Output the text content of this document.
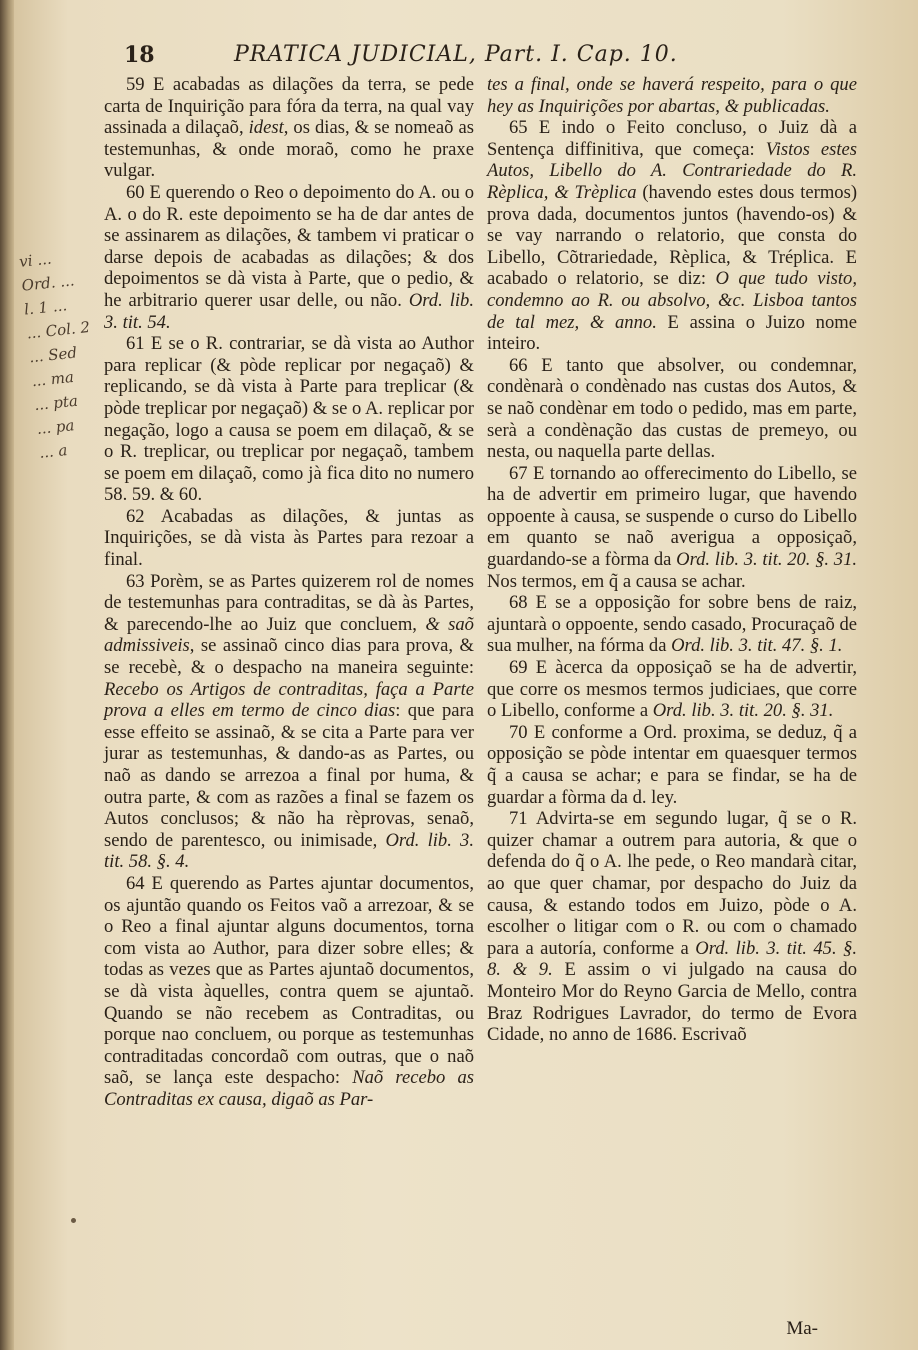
18	PRATICA JUDICIAL, Part. I. Cap. 10.
vi ...
Ord. ...
l. 1 ...
... Col. 2
... Sed
... ma
... pta
... pa
... a

59 E acabadas as dilações da terra, se pede carta de Inquirição para fóra da terra, na qual vay assinada a dilaçaõ, idest, os dias, & se nomeaõ as testemunhas, & onde moraõ, como he praxe vulgar.

60 E querendo o Reo o depoimento do A. ou o A. o do R. este depoimento se ha de dar antes de se assinarem as dilações, & tambem vi praticar o darse depois de acabadas as dilações; & dos depoimentos se dà vista à Parte, que o pedio, & he arbitrario querer usar delle, ou não. Ord. lib. 3. tit. 54.

61 E se o R. contrariar, se dà vista ao Author para replicar (& pòde replicar por negaçaõ) & replicando, se dà vista à Parte para treplicar (& pòde treplicar por negaçaõ) & se o A. replicar por negação, logo a causa se poem em dilaçaõ, & se o R. treplicar, ou treplicar por negaçaõ, tambem se poem em dilaçaõ, como jà fica dito no numero 58. 59. & 60.

62 Acabadas as dilações, & juntas as Inquirições, se dà vista às Partes para rezoar a final.

63 Porèm, se as Partes quizerem rol de nomes de testemunhas para contraditas, se dà às Partes, & parecendo-lhe ao Juiz que concluem, & saõ admissiveis, se assinaõ cinco dias para prova, & se recebè, & o despacho na maneira seguinte: Recebo os Artigos de contraditas, faça a Parte prova a elles em termo de cinco dias: que para esse effeito se assinaõ, & se cita a Parte para ver jurar as testemunhas, & dando-as as Partes, ou naõ as dando se arrezoa a final por huma, & outra parte, & com as razões a final se fazem os Autos conclusos; & não ha rèprovas, senaõ, sendo de parentesco, ou inimisade, Ord. lib. 3. tit. 58. §. 4.

64 E querendo as Partes ajuntar documentos, os ajuntão quando os Feitos vaõ a arrezoar, & se o Reo a final ajuntar alguns documentos, torna com vista ao Author, para dizer sobre elles; & todas as vezes que as Partes ajuntaõ documentos, se dà vista àquelles, contra quem se ajuntaõ. Quando se não recebem as Contraditas, ou porque nao concluem, ou porque as testemunhas contraditadas concordaõ com outras, que o naõ saõ, se lança este despacho: Naõ recebo as Contraditas ex causa, digaõ as Par-

tes a final, onde se haverá respeito, para o que hey as Inquirições por abartas, & publicadas.

65 E indo o Feito concluso, o Juiz dà a Sentença diffinitiva, que começa: Vistos estes Autos, Libello do A. Contrariedade do R. Rèplica, & Trèplica (havendo estes dous termos) prova dada, documentos juntos (havendo-os) & se vay narrando o relatorio, que consta do Libello, Cõtrariedade, Rèplica, & Tréplica. E acabado o relatorio, se diz: O que tudo visto, condemno ao R. ou absolvo, &c. Lisboa tantos de tal mez, & anno. E assina o Juizo nome inteiro.

66 E tanto que absolver, ou condemnar, condènarà o condènado nas custas dos Autos, & se naõ condènar em todo o pedido, mas em parte, serà a condènação das custas de premeyo, ou nesta, ou naquella parte dellas.

67 E tornando ao offerecimento do Libello, se ha de advertir em primeiro lugar, que havendo oppoente à causa, se suspende o curso do Libello em quanto se naõ averigua a opposiçaõ, guardando-se a fòrma da Ord. lib. 3. tit. 20. §. 31. Nos termos, em q̃ a causa se achar.

68 E se a opposição for sobre bens de raiz, ajuntarà o oppoente, sendo casado, Procuraçaõ de sua mulher, na fórma da Ord. lib. 3. tit. 47. §. 1.

69 E àcerca da opposiçaõ se ha de advertir, que corre os mesmos termos judiciaes, que corre o Libello, conforme a Ord. lib. 3. tit. 20. §. 31.

70 E conforme a Ord. proxima, se deduz, q̃ a opposição se pòde intentar em quaesquer termos q̃ a causa se achar; e para se findar, se ha de guardar a fòrma da d. ley.

71 Advirta-se em segundo lugar, q̃ se o R. quizer chamar a outrem para autoria, & que o defenda do q̃ o A. lhe pede, o Reo mandarà citar, ao que quer chamar, por despacho do Juiz da causa, & estando todos em Juizo, pòde o A. escolher o litigar com o R. ou com o chamado para a autoría, conforme a Ord. lib. 3. tit. 45. §. 8. & 9. E assim o vi julgado na causa do Monteiro Mor do Reyno Garcia de Mello, contra Braz Rodrigues Lavrador, do termo de Evora Cidade, no anno de 1686. Escrivaõ

Ma-
